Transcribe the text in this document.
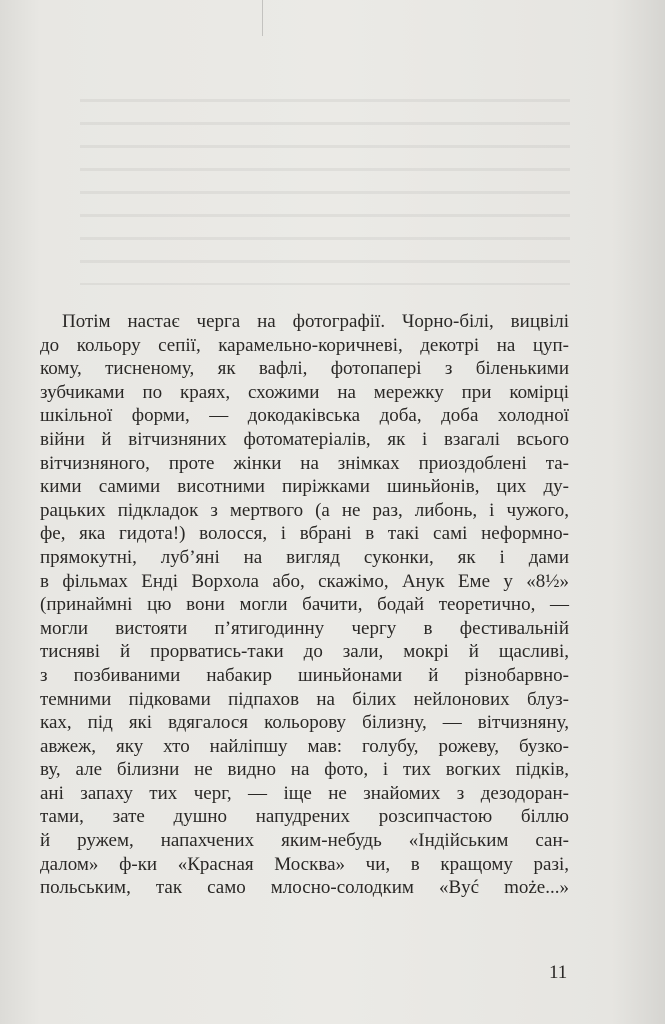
Потім настає черга на фотографії. Чорно-білі, вицвілі
до кольору сепії, карамельно-коричневі, декотрі на цуп-
кому, тисненому, як вафлі, фотопапері з біленькими
зубчиками по краях, схожими на мережку при комірці
шкільної форми, — докодаківська доба, доба холодної
війни й вітчизняних фотоматеріалів, як і взагалі всього
вітчизняного, проте жінки на знімках приоздоблені та-
кими самими висотними пиріжками шиньйонів, цих ду-
рацьких підкладок з мертвого (а не раз, либонь, і чужого,
фе, яка гидота!) волосся, і вбрані в такі самі неформно-
прямокутні, луб’яні на вигляд суконки, як і дами
в фільмах Енді Ворхола або, скажімо, Анук Еме у «8½»
(принаймні цю вони могли бачити, бодай теоретично, —
могли вистояти п’ятигодинну чергу в фестивальній
тисняві й прорватись-таки до зали, мокрі й щасливі,
з позбиваними набакир шиньйонами й різнобарвно-
темними підковами підпахов на білих нейлонових блуз-
ках, під які вдягалося кольорову білизну, — вітчизняну,
авжеж, яку хто найліпшу мав: голубу, рожеву, бузко-
ву, але білизни не видно на фото, і тих вогких підків,
ані запаху тих черг, — іще не знайомих з дезодоран-
тами, зате душно напудрених розсипчастою біллю
й ружем, напахчених яким-небудь «Індійським сан-
далом» ф-ки «Красная Москва» чи, в кращому разі,
польським, так само млосно-солодким «Być może...»
11
